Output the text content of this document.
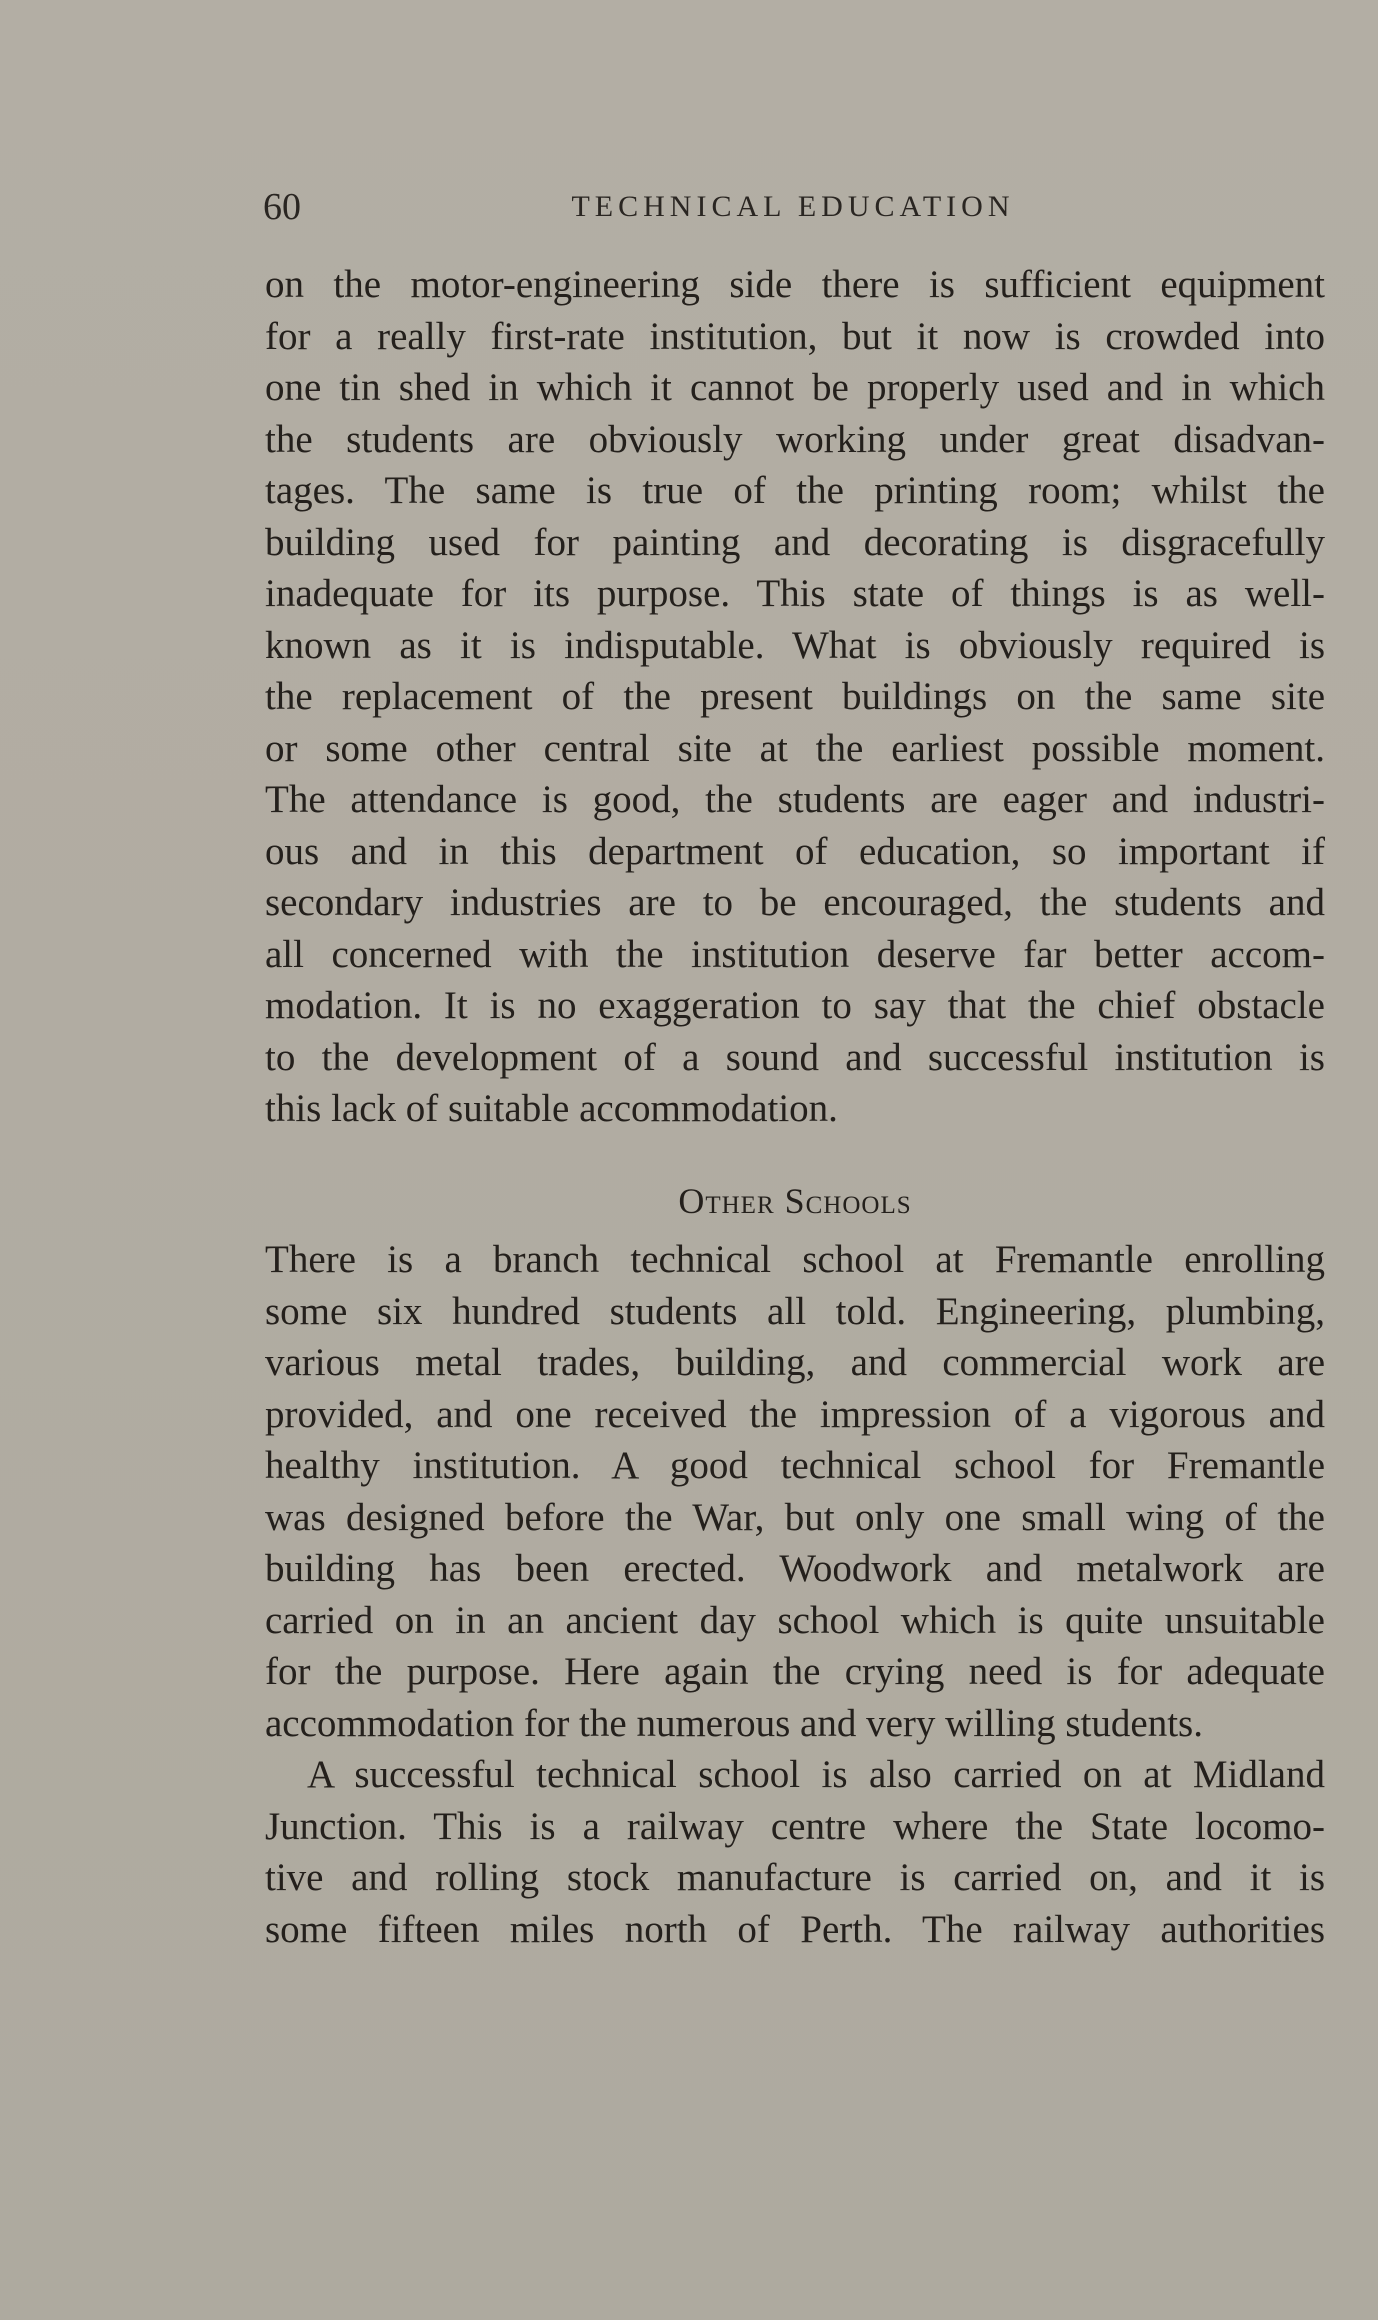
60	TECHNICAL EDUCATION
on the motor-engineering side there is sufficient equipment
for a really first-rate institution, but it now is crowded into
one tin shed in which it cannot be properly used and in which
the students are obviously working under great disadvan-
tages. The same is true of the printing room; whilst the
building used for painting and decorating is disgracefully
inadequate for its purpose. This state of things is as well-
known as it is indisputable. What is obviously required is
the replacement of the present buildings on the same site
or some other central site at the earliest possible moment.
The attendance is good, the students are eager and industri-
ous and in this department of education, so important if
secondary industries are to be encouraged, the students and
all concerned with the institution deserve far better accom-
modation. It is no exaggeration to say that the chief obstacle
to the development of a sound and successful institution is
this lack of suitable accommodation.
Other Schools
There is a branch technical school at Fremantle enrolling
some six hundred students all told. Engineering, plumbing,
various metal trades, building, and commercial work are
provided, and one received the impression of a vigorous and
healthy institution. A good technical school for Fremantle
was designed before the War, but only one small wing of the
building has been erected. Woodwork and metalwork are
carried on in an ancient day school which is quite unsuitable
for the purpose. Here again the crying need is for adequate
accommodation for the numerous and very willing students.
A successful technical school is also carried on at Midland
Junction. This is a railway centre where the State locomo-
tive and rolling stock manufacture is carried on, and it is
some fifteen miles north of Perth. The railway authorities
